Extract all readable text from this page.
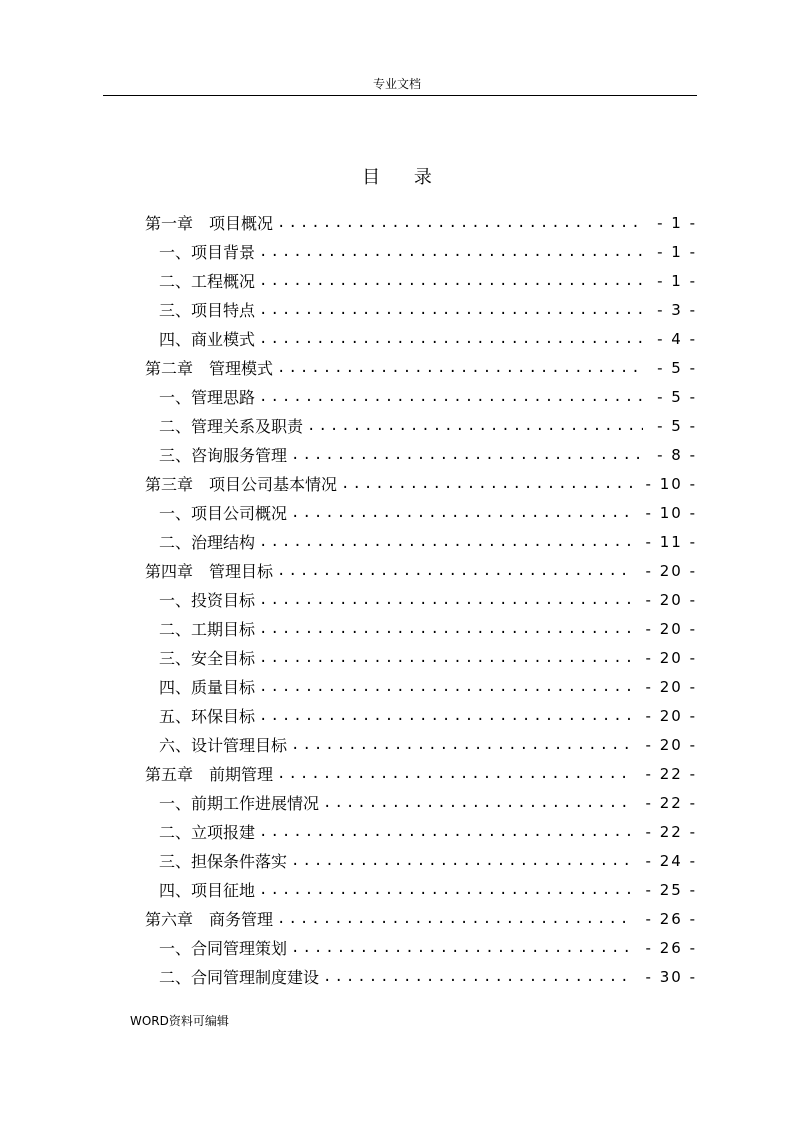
专业文档
目 录
第一章　项目概况 .....	- 1 -
一、项目背景 .....	- 1 -
二、工程概况 .....	- 1 -
三、项目特点 .....	- 3 -
四、商业模式 .....	- 4 -
第二章　管理模式 .....	- 5 -
一、管理思路 .....	- 5 -
二、管理关系及职责 .....	- 5 -
三、咨询服务管理 .....	- 8 -
第三章　项目公司基本情况 .....	- 10 -
一、项目公司概况 .....	- 10 -
二、治理结构 .....	- 11 -
第四章　管理目标 .....	- 20 -
一、投资目标 .....	- 20 -
二、工期目标 .....	- 20 -
三、安全目标 .....	- 20 -
四、质量目标 .....	- 20 -
五、环保目标 .....	- 20 -
六、设计管理目标 .....	- 20 -
第五章　前期管理 .....	- 22 -
一、前期工作进展情况 .....	- 22 -
二、立项报建 .....	- 22 -
三、担保条件落实 .....	- 24 -
四、项目征地 .....	- 25 -
第六章　商务管理 .....	- 26 -
一、合同管理策划 .....	- 26 -
二、合同管理制度建设 .....	- 30 -
WORD资料可编辑
